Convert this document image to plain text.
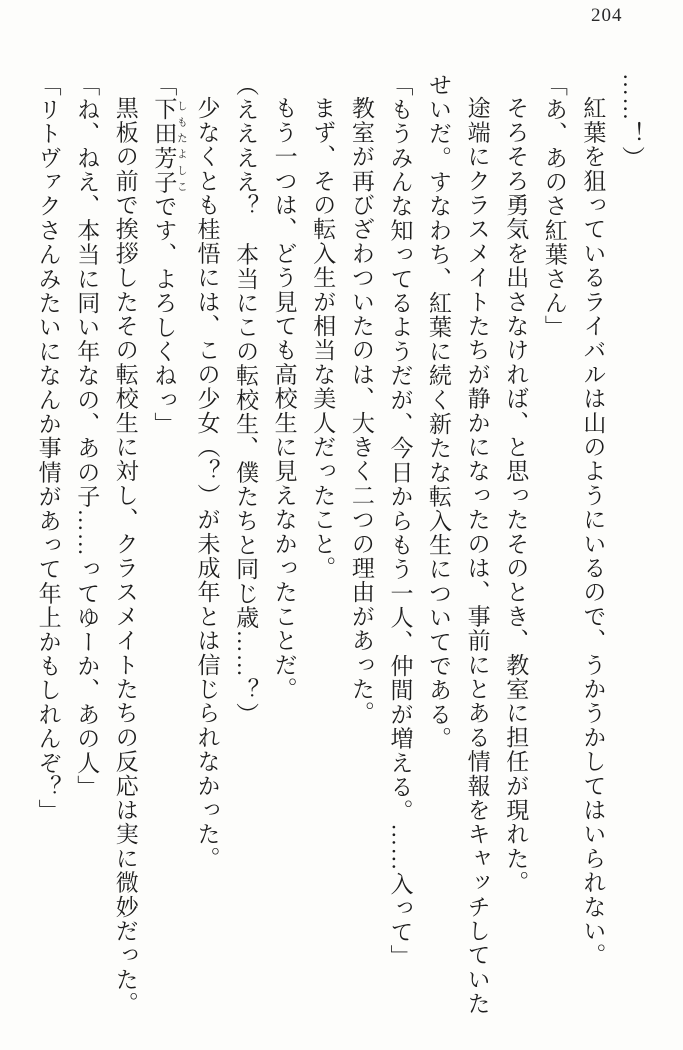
204

……！）

紅葉を狙っているライバルは山のようにいるので、うかうかしてはいられない。

「あ、あのさ紅葉さん」

そろそろ勇気を出さなければ、と思ったそのとき、教室に担任が現れた。

途端にクラスメイトたちが静かになったのは、事前にとある情報をキャッチしていたせいだ。すなわち、紅葉に続く新たな転入生についてである。

「もうみんな知ってるようだが、今日からもう一人、仲間が増える。……入って」

教室が再びざわついたのは、大きく二つの理由があった。

まず、その転入生が相当な美人だったこと。

もう一つは、どう見ても高校生に見えなかったことだ。

（ええええ？　本当にこの転校生、僕たちと同じ歳……？）

少なくとも桂悟には、この少女（？）が未成年とは信じられなかった。

「下田 しもた芳子 よしこです、よろしくねっ」

黒板の前で挨拶したその転校生に対し、クラスメイトたちの反応は実に微妙だった。

「ね、ねえ、本当に同い年なの、あの子……ってゆーか、あの人」

「リトヴァクさんみたいになんか事情があって年上かもしれんぞ？」
